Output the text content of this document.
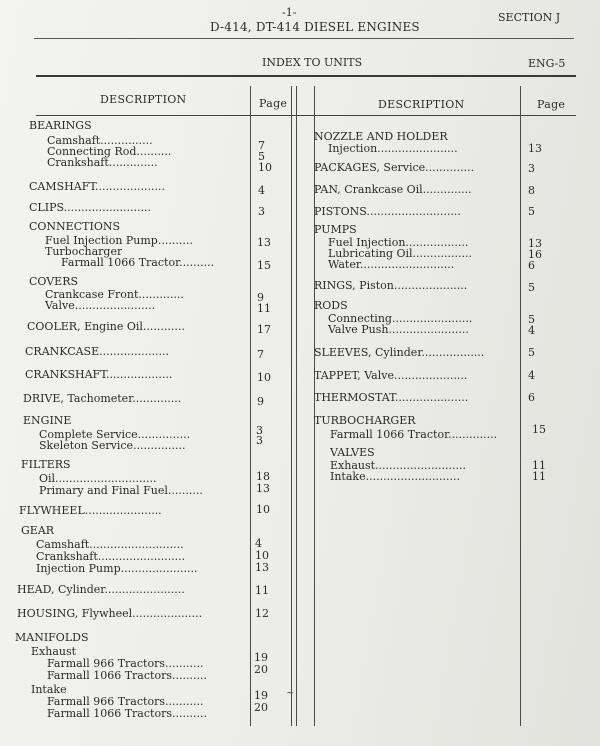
-1-
D-414, DT-414 DIESEL ENGINES
SECTION J
INDEX TO UNITS	ENG-5
DESCRIPTION	Page	DESCRIPTION	Page
BEARINGS
Camshaft...............	7
Connecting Rod..........	5
Crankshaft..............	10
CAMSHAFT....................	4
CLIPS.........................	3
CONNECTIONS
Fuel Injection Pump..........	13
Turbocharger
Farmall 1066 Tractor..........	15
COVERS
Crankcase Front.............	9
Valve.......................	11
COOLER, Engine Oil............	17
CRANKCASE....................	7
CRANKSHAFT...................	10
DRIVE, Tachometer..............	9
ENGINE
Complete Service...............	3
Skeleton Service...............	3
FILTERS
Oil.............................	18
Primary and Final Fuel..........	13
FLYWHEEL......................	10
GEAR
Camshaft...........................	4
Crankshaft.........................	10
Injection Pump......................	13
HEAD, Cylinder.......................	11
HOUSING, Flywheel....................	12
MANIFOLDS
Exhaust
Farmall 966 Tractors...........	19
Farmall 1066 Tractors..........	20
Intake
Farmall 966 Tractors...........	19
Farmall 1066 Tractors..........	20
NOZZLE AND HOLDER
Injection.......................	13
PACKAGES, Service..............	3
PAN, Crankcase Oil..............	8
PISTONS...........................	5
PUMPS
Fuel Injection..................	13
Lubricating Oil.................	16
Water...........................	6
RINGS, Piston.....................	5
RODS
Connecting.......................	5
Valve Push.......................	4
SLEEVES, Cylinder..................	5
TAPPET, Valve.....................	4
THERMOSTAT.....................	6
TURBOCHARGER
Farmall 1066 Tractor..............	15
VALVES
Exhaust..........................	11
Intake...........................	11
~
